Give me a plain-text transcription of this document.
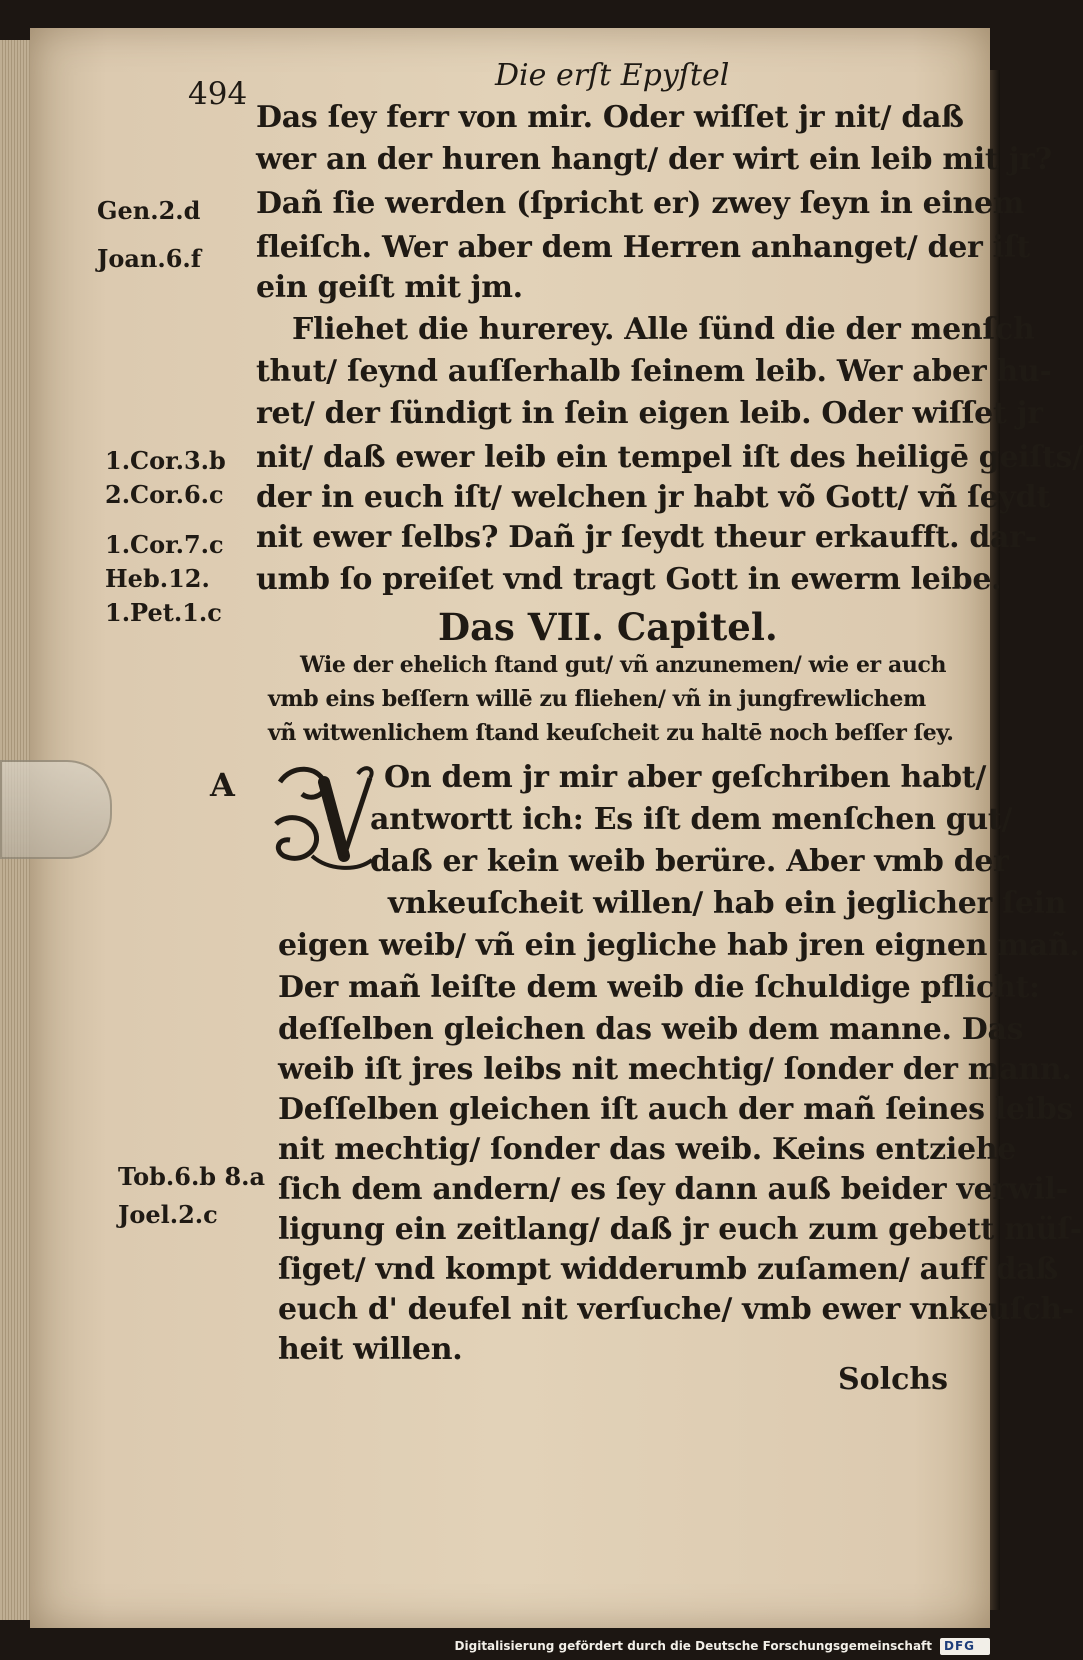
494
Die erſt Epyſtel
Gen.2.d
Joan.6.f
1.Cor.3.b
2.Cor.6.c
1.Cor.7.c
Heb.12.
1.Pet.1.c
Tob.6.b 8.a
Joel.2.c
Das ſey ferr von mir. Oder wiſſet jr nit/ daß
wer an der huren hangt/ der wirt ein leib mit jr?
Dañ ſie werden (ſpricht er) zwey ſeyn in einem
fleiſch. Wer aber dem Herren anhanget/ der iſt
ein geiſt mit jm.
Fliehet die hurerey. Alle ſünd die der menſch
thut/ ſeynd auſſerhalb ſeinem leib. Wer aber hu-
ret/ der ſündigt in ſein eigen leib. Oder wiſſet jr
nit/ daß ewer leib ein tempel iſt des heiligē geiſts/
der in euch iſt/ welchen jr habt võ Gott/ vñ ſeydt
nit ewer ſelbs? Dañ jr ſeydt theur erkaufft. dar-
umb ſo preiſet vnd tragt Gott in ewerm leibe.
Das VII. Capitel.
Wie der ehelich ſtand gut/ vñ anzunemen/ wie er auch
vmb eins beſſern willē zu fliehen/ vñ in jungfrewlichem
vñ witwenlichem ſtand keuſcheit zu haltē noch beſſer ſey.
A	On dem jr mir aber geſchriben habt/
antwortt ich: Es iſt dem menſchen gut/
daß er kein weib berüre. Aber vmb der
vnkeuſcheit willen/ hab ein jeglicher ſein
eigen weib/ vñ ein jegliche hab jren eignen mañ.
Der mañ leiſte dem weib die ſchuldige pflicht:
deſſelben gleichen das weib dem manne. Das
weib iſt jres leibs nit mechtig/ ſonder der mann.
Deſſelben gleichen iſt auch der mañ ſeines leibs
nit mechtig/ ſonder das weib. Keins entziehe
ſich dem andern/ es ſey dann auß beider verwil-
ligung ein zeitlang/ daß jr euch zum gebett müſ-
ſiget/ vnd kompt widderumb zuſamen/ auff daß
euch d' deufel nit verſuche/ vmb ewer vnkeuſch-
heit willen.
Solchs
Digitalisierung gefördert durch die Deutsche Forschungsgemeinschaft DFG
